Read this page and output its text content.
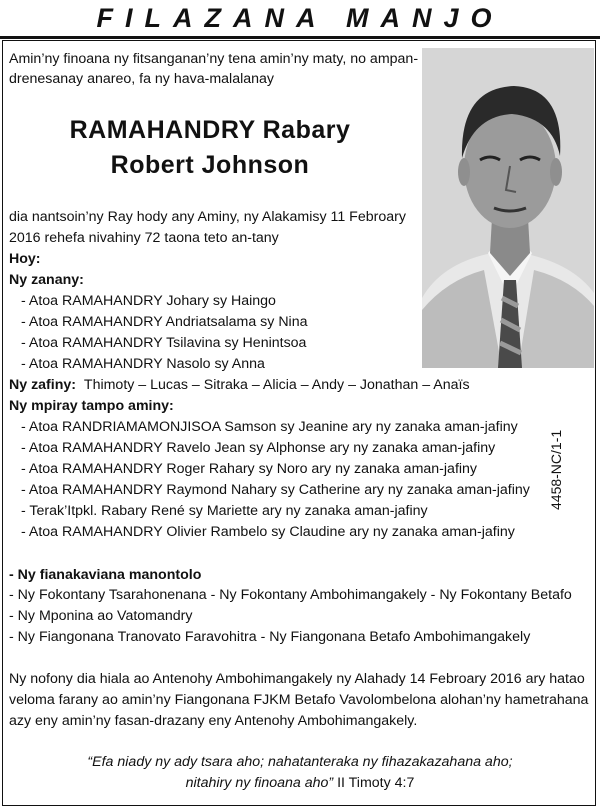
FILAZANA MANJO
Amin’ny finoana ny fitsanganan’ny tena amin’ny maty, no ampan-
drenesanay anareo, fa ny hava-malalanay
RAMAHANDRY Rabary
Robert Johnson
dia nantsoin’ny Ray hody any Aminy, ny Alakamisy 11 Febroary
2016 rehefa nivahiny 72 taona teto an-tany
Hoy:
Ny zanany:
- Atoa RAMAHANDRY Johary sy Haingo
- Atoa RAMAHANDRY Andriatsalama sy Nina
- Atoa RAMAHANDRY Tsilavina sy Henintsoa
- Atoa RAMAHANDRY Nasolo sy Anna
Ny zafiny: Thimoty – Lucas – Sitraka – Alicia – Andy – Jonathan – Anaïs
Ny mpiray tampo aminy:
- Atoa RANDRIAMAMONJISOA Samson sy Jeanine ary ny zanaka aman-jafiny
- Atoa RAMAHANDRY Ravelo Jean sy Alphonse ary ny zanaka aman-jafiny
- Atoa RAMAHANDRY Roger Rahary sy Noro ary ny zanaka aman-jafiny
- Atoa RAMAHANDRY Raymond Nahary sy Catherine ary ny zanaka aman-jafiny
- Terak’Itpkl. Rabary René sy Mariette ary ny zanaka aman-jafiny
- Atoa RAMAHANDRY Olivier Rambelo sy Claudine ary ny zanaka aman-jafiny
4458-NC/1-1
- Ny fianakaviana manontolo
- Ny Fokontany Tsarahonenana - Ny Fokontany Ambohimangakely - Ny Fokontany Betafo
- Ny Mponina ao Vatomandry
- Ny Fiangonana Tranovato Faravohitra - Ny Fiangonana Betafo Ambohimangakely
Ny nofony dia hiala ao Antenohy Ambohimangakely ny Alahady 14 Febroary 2016 ary hatao
veloma farany ao amin’ny Fiangonana FJKM Betafo Vavolombelona alohan’ny hametrahana
azy eny amin’ny fasan-drazany eny Antenohy Ambohimangakely.
“Efa niady ny ady tsara aho; nahatanteraka ny fihazakazahana aho;
nitahiry ny finoana aho” II Timoty 4:7
